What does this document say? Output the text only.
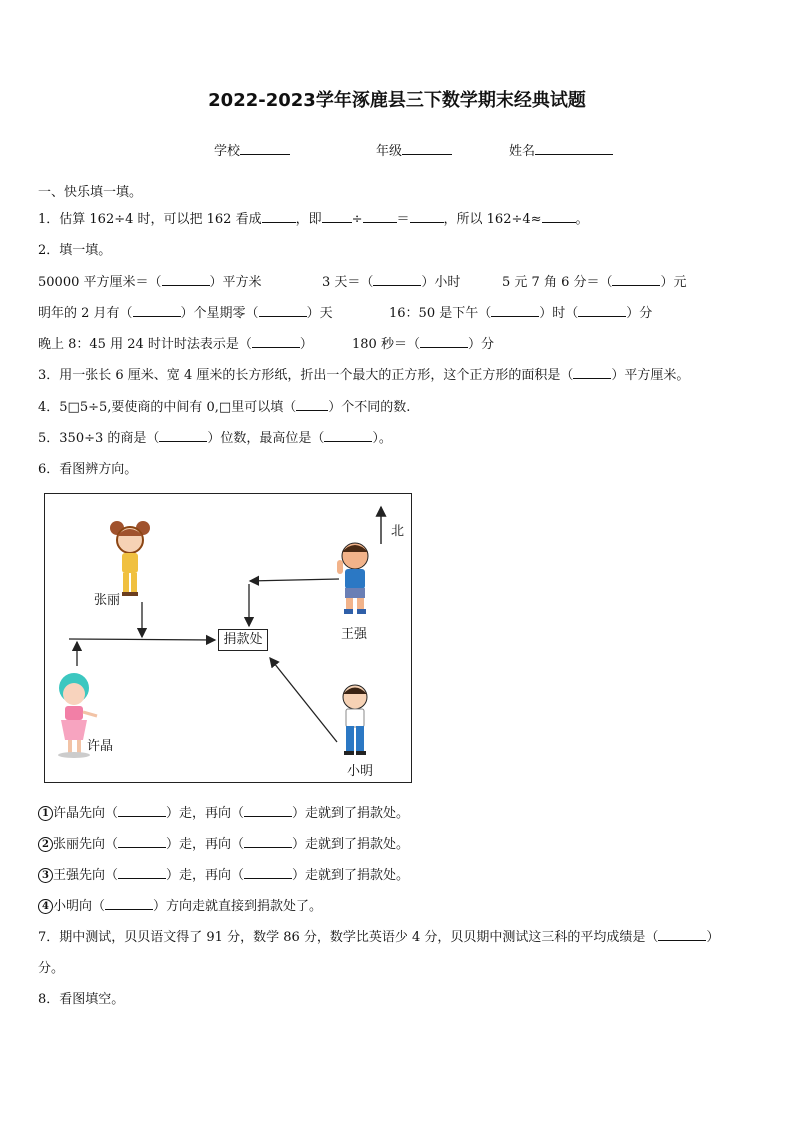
2022-2023学年涿鹿县三下数学期末经典试题
学校	年级	姓名
一、快乐填一填。
1．估算 162÷4 时，可以把 162 看成	，即 ÷	＝	，所以 162÷4≈	。
2．填一填。
50000 平方厘米＝（	）平方米	3 天＝（	）小时	5 元 7 角 6 分＝（	）元
明年的 2 月有（	）个星期零（	）天	16：50 是下午（	）时（	）分
晚上 8：45 用 24 时计时法表示是（	）	180 秒＝（	）分
3．用一张长 6 厘米、宽 4 厘米的长方形纸，折出一个最大的正方形，这个正方形的面积是（	）平方厘米。
4．5□5÷5,要使商的中间有 0,□里可以填（ ）个不同的数.
5．350÷3 的商是（	）位数，最高位是（	）。
6．看图辨方向。
北
张丽
王强
许晶
小明
捐款处
1 许晶先向（	）走，再向（	）走就到了捐款处。
2 张丽先向（	）走，再向（	）走就到了捐款处。
3 王强先向（	）走，再向（	）走就到了捐款处。
4 小明向（	）方向走就直接到捐款处了。
7．期中测试，贝贝语文得了 91 分，数学 86 分，数学比英语少 4 分，贝贝期中测试这三科的平均成绩是（	）
分。
8．看图填空。
